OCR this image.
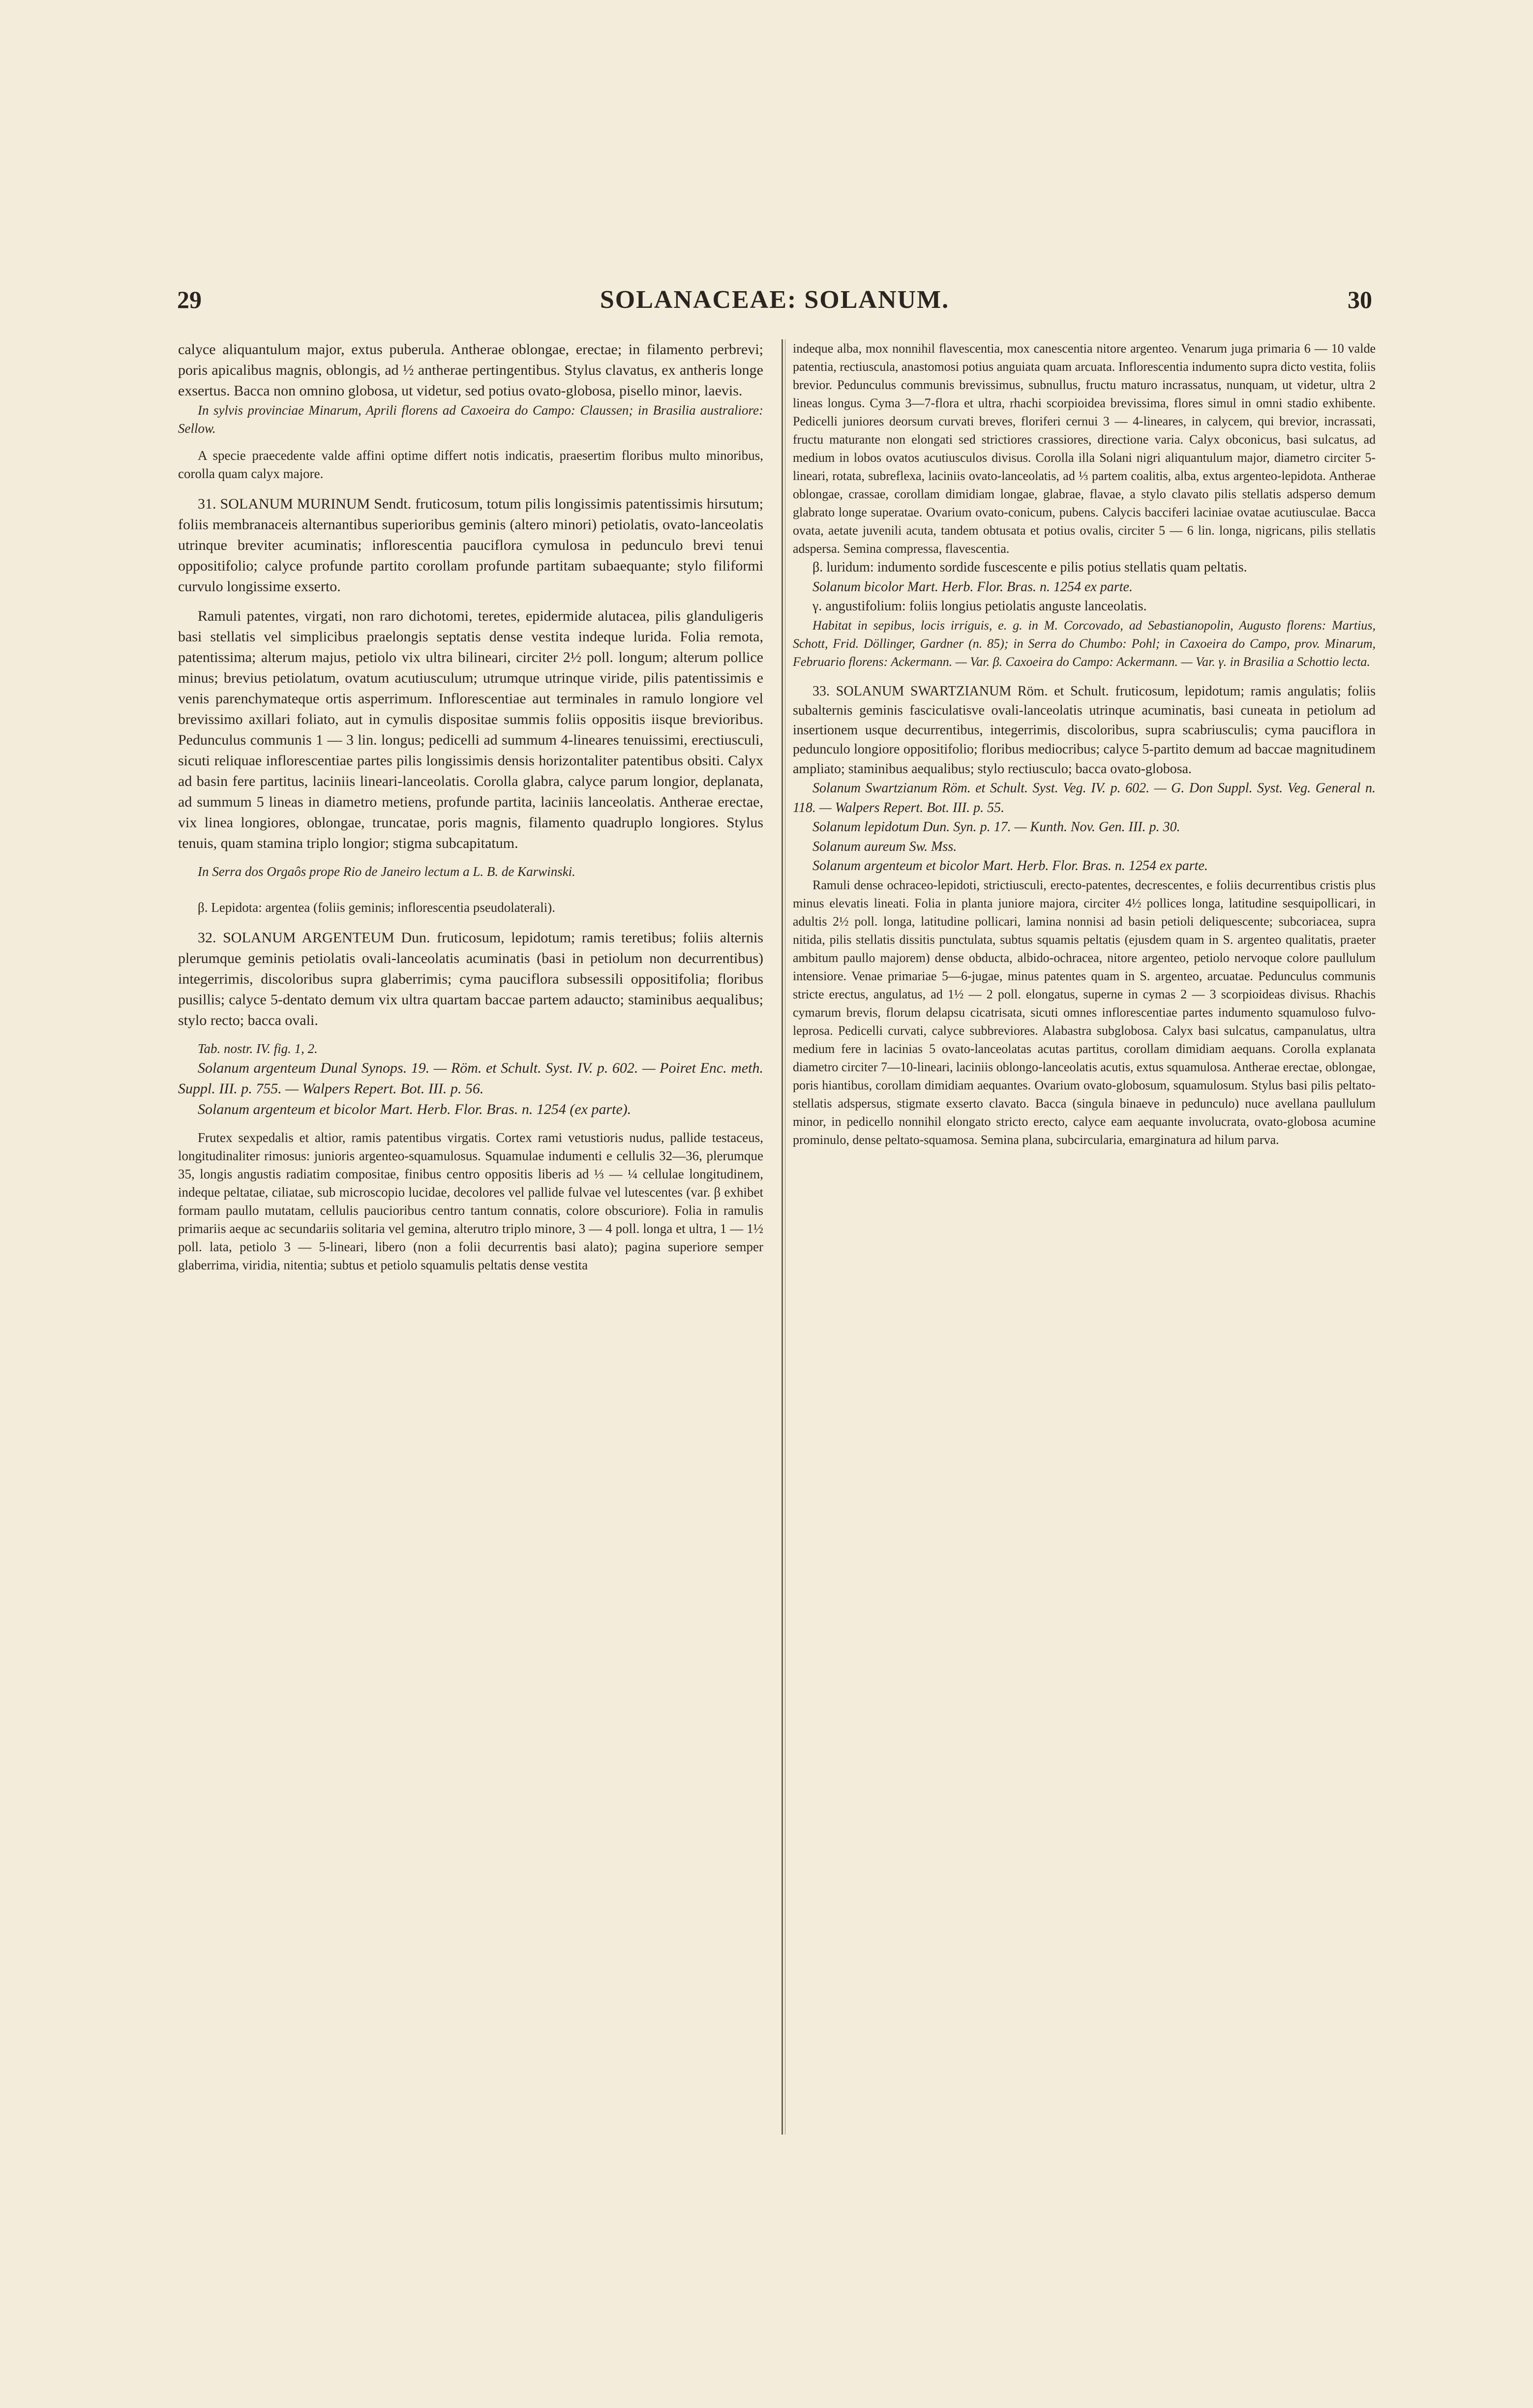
29	SOLANACEAE: SOLANUM.	30

calyce aliquantulum major, extus puberula. Antherae oblongae, erectae; in filamento perbrevi; poris apicalibus magnis, oblongis, ad ½ antherae pertingentibus. Stylus clavatus, ex antheris longe exsertus. Bacca non omnino globosa, ut videtur, sed potius ovato-globosa, pisello minor, laevis.

In sylvis provinciae Minarum, Aprili florens ad Caxoeira do Campo: Claussen; in Brasilia australiore: Sellow.

A specie praecedente valde affini optime differt notis indicatis, praesertim floribus multo minoribus, corolla quam calyx majore.

31. SOLANUM MURINUM Sendt. fruticosum, totum pilis longissimis patentissimis hirsutum; foliis membranaceis alternantibus superioribus geminis (altero minori) petiolatis, ovato-lanceolatis utrinque breviter acuminatis; inflorescentia pauciflora cymulosa in pedunculo brevi tenui oppositifolio; calyce profunde partito corollam profunde partitam subaequante; stylo filiformi curvulo longissime exserto.

Ramuli patentes, virgati, non raro dichotomi, teretes, epidermide alutacea, pilis glanduligeris basi stellatis vel simplicibus praelongis septatis dense vestita indeque lurida. Folia remota, patentissima; alterum majus, petiolo vix ultra bilineari, circiter 2½ poll. longum; alterum pollice minus; brevius petiolatum, ovatum acutiusculum; utrumque utrinque viride, pilis patentissimis e venis parenchymateque ortis asperrimum. Inflorescentiae aut terminales in ramulo longiore vel brevissimo axillari foliato, aut in cymulis dispositae summis foliis oppositis iisque brevioribus. Pedunculus communis 1 — 3 lin. longus; pedicelli ad summum 4-lineares tenuissimi, erectiusculi, sicuti reliquae inflorescentiae partes pilis longissimis densis horizontaliter patentibus obsiti. Calyx ad basin fere partitus, laciniis lineari-lanceolatis. Corolla glabra, calyce parum longior, deplanata, ad summum 5 lineas in diametro metiens, profunde partita, laciniis lanceolatis. Antherae erectae, vix linea longiores, oblongae, truncatae, poris magnis, filamento quadruplo longiores. Stylus tenuis, quam stamina triplo longior; stigma subcapitatum.

In Serra dos Orgaôs prope Rio de Janeiro lectum a L. B. de Karwinski.

β. Lepidota: argentea (foliis geminis; inflorescentia pseudolaterali).

32. SOLANUM ARGENTEUM Dun. fruticosum, lepidotum; ramis teretibus; foliis alternis plerumque geminis petiolatis ovali-lanceolatis acuminatis (basi in petiolum non decurrentibus) integerrimis, discoloribus supra glaberrimis; cyma pauciflora subsessili oppositifolia; floribus pusillis; calyce 5-dentato demum vix ultra quartam baccae partem adaucto; staminibus aequalibus; stylo recto; bacca ovali.

Tab. nostr. IV. fig. 1, 2.

Solanum argenteum Dunal Synops. 19. — Röm. et Schult. Syst. IV. p. 602. — Poiret Enc. meth. Suppl. III. p. 755. — Walpers Repert. Bot. III. p. 56.

Solanum argenteum et bicolor Mart. Herb. Flor. Bras. n. 1254 (ex parte).

Frutex sexpedalis et altior, ramis patentibus virgatis. Cortex rami vetustioris nudus, pallide testaceus, longitudinaliter rimosus: junioris argenteo-squamulosus. Squamulae indumenti e cellulis 32—36, plerumque 35, longis angustis radiatim compositae, finibus centro oppositis liberis ad ⅓ — ¼ cellulae longitudinem, indeque peltatae, ciliatae, sub microscopio lucidae, decolores vel pallide fulvae vel lutescentes (var. β exhibet formam paullo mutatam, cellulis paucioribus centro tantum connatis, colore obscuriore). Folia in ramulis primariis aeque ac secundariis solitaria vel gemina, alterutro triplo minore, 3 — 4 poll. longa et ultra, 1 — 1½ poll. lata, petiolo 3 — 5-lineari, libero (non a folii decurrentis basi alato); pagina superiore semper glaberrima, viridia, nitentia; subtus et petiolo squamulis peltatis dense vestita

indeque alba, mox nonnihil flavescentia, mox canescentia nitore argenteo. Venarum juga primaria 6 — 10 valde patentia, rectiuscula, anastomosi potius anguiata quam arcuata. Inflorescentia indumento supra dicto vestita, foliis brevior. Pedunculus communis brevissimus, subnullus, fructu maturo incrassatus, nunquam, ut videtur, ultra 2 lineas longus. Cyma 3—7-flora et ultra, rhachi scorpioidea brevissima, flores simul in omni stadio exhibente. Pedicelli juniores deorsum curvati breves, floriferi cernui 3 — 4-lineares, in calycem, qui brevior, incrassati, fructu maturante non elongati sed strictiores crassiores, directione varia. Calyx obconicus, basi sulcatus, ad medium in lobos ovatos acutiusculos divisus. Corolla illa Solani nigri aliquantulum major, diametro circiter 5-lineari, rotata, subreflexa, laciniis ovato-lanceolatis, ad ⅓ partem coalitis, alba, extus argenteo-lepidota. Antherae oblongae, crassae, corollam dimidiam longae, glabrae, flavae, a stylo clavato pilis stellatis adsperso demum glabrato longe superatae. Ovarium ovato-conicum, pubens. Calycis bacciferi laciniae ovatae acutiusculae. Bacca ovata, aetate juvenili acuta, tandem obtusata et potius ovalis, circiter 5 — 6 lin. longa, nigricans, pilis stellatis adspersa. Semina compressa, flavescentia.

β. luridum: indumento sordide fuscescente e pilis potius stellatis quam peltatis.

Solanum bicolor Mart. Herb. Flor. Bras. n. 1254 ex parte.

γ. angustifolium: foliis longius petiolatis anguste lanceolatis.

Habitat in sepibus, locis irriguis, e. g. in M. Corcovado, ad Sebastianopolin, Augusto florens: Martius, Schott, Frid. Döllinger, Gardner (n. 85); in Serra do Chumbo: Pohl; in Caxoeira do Campo, prov. Minarum, Februario florens: Ackermann. — Var. β. Caxoeira do Campo: Ackermann. — Var. γ. in Brasilia a Schottio lecta.

33. SOLANUM SWARTZIANUM Röm. et Schult. fruticosum, lepidotum; ramis angulatis; foliis subalternis geminis fasciculatisve ovali-lanceolatis utrinque acuminatis, basi cuneata in petiolum ad insertionem usque decurrentibus, integerrimis, discoloribus, supra scabriusculis; cyma pauciflora in pedunculo longiore oppositifolio; floribus mediocribus; calyce 5-partito demum ad baccae magnitudinem ampliato; staminibus aequalibus; stylo rectiusculo; bacca ovato-globosa.

Solanum Swartzianum Röm. et Schult. Syst. Veg. IV. p. 602. — G. Don Suppl. Syst. Veg. General n. 118. — Walpers Repert. Bot. III. p. 55.

Solanum lepidotum Dun. Syn. p. 17. — Kunth. Nov. Gen. III. p. 30.

Solanum aureum Sw. Mss.

Solanum argenteum et bicolor Mart. Herb. Flor. Bras. n. 1254 ex parte.

Ramuli dense ochraceo-lepidoti, strictiusculi, erecto-patentes, decrescentes, e foliis decurrentibus cristis plus minus elevatis lineati. Folia in planta juniore majora, circiter 4½ pollices longa, latitudine sesquipollicari, in adultis 2½ poll. longa, latitudine pollicari, lamina nonnisi ad basin petioli deliquescente; subcoriacea, supra nitida, pilis stellatis dissitis punctulata, subtus squamis peltatis (ejusdem quam in S. argenteo qualitatis, praeter ambitum paullo majorem) dense obducta, albido-ochracea, nitore argenteo, petiolo nervoque colore paullulum intensiore. Venae primariae 5—6-jugae, minus patentes quam in S. argenteo, arcuatae. Pedunculus communis stricte erectus, angulatus, ad 1½ — 2 poll. elongatus, superne in cymas 2 — 3 scorpioideas divisus. Rhachis cymarum brevis, florum delapsu cicatrisata, sicuti omnes inflorescentiae partes indumento squamuloso fulvo-leprosa. Pedicelli curvati, calyce subbreviores. Alabastra subglobosa. Calyx basi sulcatus, campanulatus, ultra medium fere in lacinias 5 ovato-lanceolatas acutas partitus, corollam dimidiam aequans. Corolla explanata diametro circiter 7—10-lineari, laciniis oblongo-lanceolatis acutis, extus squamulosa. Antherae erectae, oblongae, poris hiantibus, corollam dimidiam aequantes. Ovarium ovato-globosum, squamulosum. Stylus basi pilis peltato-stellatis adspersus, stigmate exserto clavato. Bacca (singula binaeve in pedunculo) nuce avellana paullulum minor, in pedicello nonnihil elongato stricto erecto, calyce eam aequante involucrata, ovato-globosa acumine prominulo, dense peltato-squamosa. Semina plana, subcircularia, emarginatura ad hilum parva.
